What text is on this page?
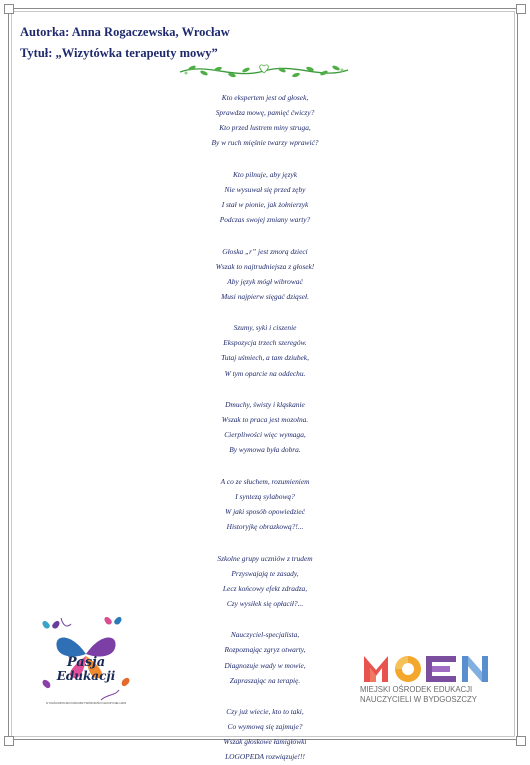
Autorka: Anna Rogaczewska, Wrocław
Tytuł: „Wizytówka terapeuty mowy”
Kto ekspertem jest od głosek,
Sprawdza mowę, pamięć ćwiczy?
Kto przed lustrem miny struga,
By w ruch mięśnie twarzy wprawić?
Kto pilnuje, aby język
Nie wysuwał się przed zęby
I stał w pionie, jak żołnierzyk
Podczas swojej zmiany warty?
Głoska „r” jest zmorą dzieci
Wszak to najtrudniejsza z głosek!
Aby język mógł wibrować
Musi najpierw sięgać dziąseł.
Szumy, syki i ciszenie
Ekspozycja trzech szeregów.
Tutaj uśmiech, a tam dziubek,
W tym oparcie na oddechu.
Dmuchy, świsty i kląskanie
Wszak to praca jest mozolna.
Cierpliwości więc wymaga,
By wymowa była dobra.
A co ze słuchem, rozumieniem
I syntezą sylabową?
W jaki sposób opowiedzieć
Historyjkę obrazkową?!...
Szkolne grupy uczniów z trudem
Przyswajają te zasady,
Lecz końcowy efekt zdradza,
Czy wysiłek się opłacił?...
Nauczyciel-specjalista,
Rozpoznając zgryz otwarty,
Diagnozuje wady w mowie,
Zapraszając na terapię.
Czy już wiecie, kto to taki,
Co wymową się zajmuje?
Wszak głoskowe łamigłówki
LOGOPEDA rozwiązuje!!!
Pasja
Edukacji
IV OGÓLNOPOLSKI KONKURS TWÓRCZOŚCI NAUCZYCIELI 2023
MIEJSKI OŚRODEK EDUKACJI
NAUCZYCIELI W BYDGOSZCZY
